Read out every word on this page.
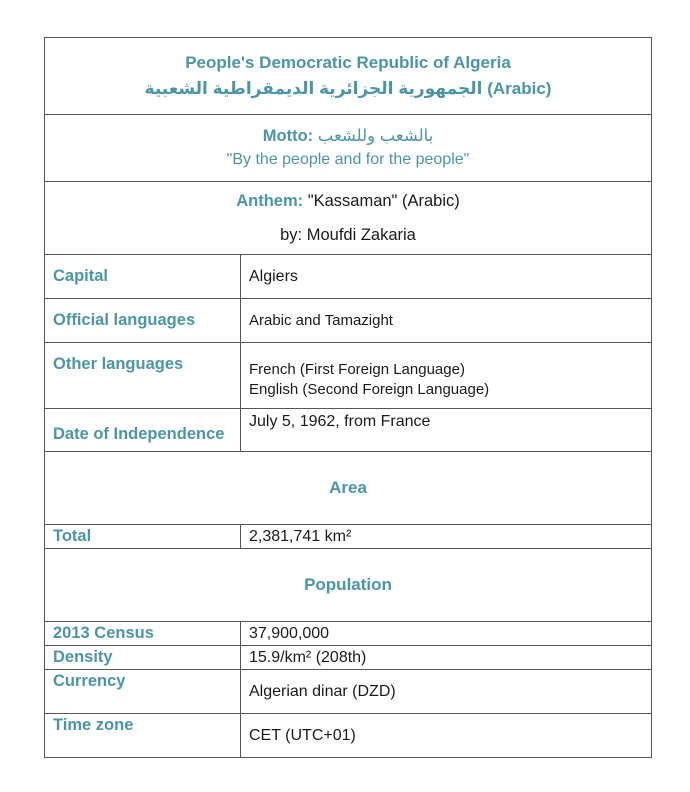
People's Democratic Republic of Algeria
الجمهورية الجزائرية الديمقراطية الشعبية (Arabic)	

Motto: بالشعب وللشعب
"By the people and for the people"	

Anthem: "Kassaman" (Arabic)
by: Moufdi Zakaria	

Capital	Algiers
Official languages	Arabic and Tamazight
Other languages	French (First Foreign Language)
English (Second Foreign Language)

Date of Independence	July 5, 1962, from France
Area	
Total	2,381,741 km²
Population	
2013 Census	37,900,000
Density	15.9/km² (208th)
Currency	Algerian dinar (DZD)
Time zone	CET (UTC+01)
